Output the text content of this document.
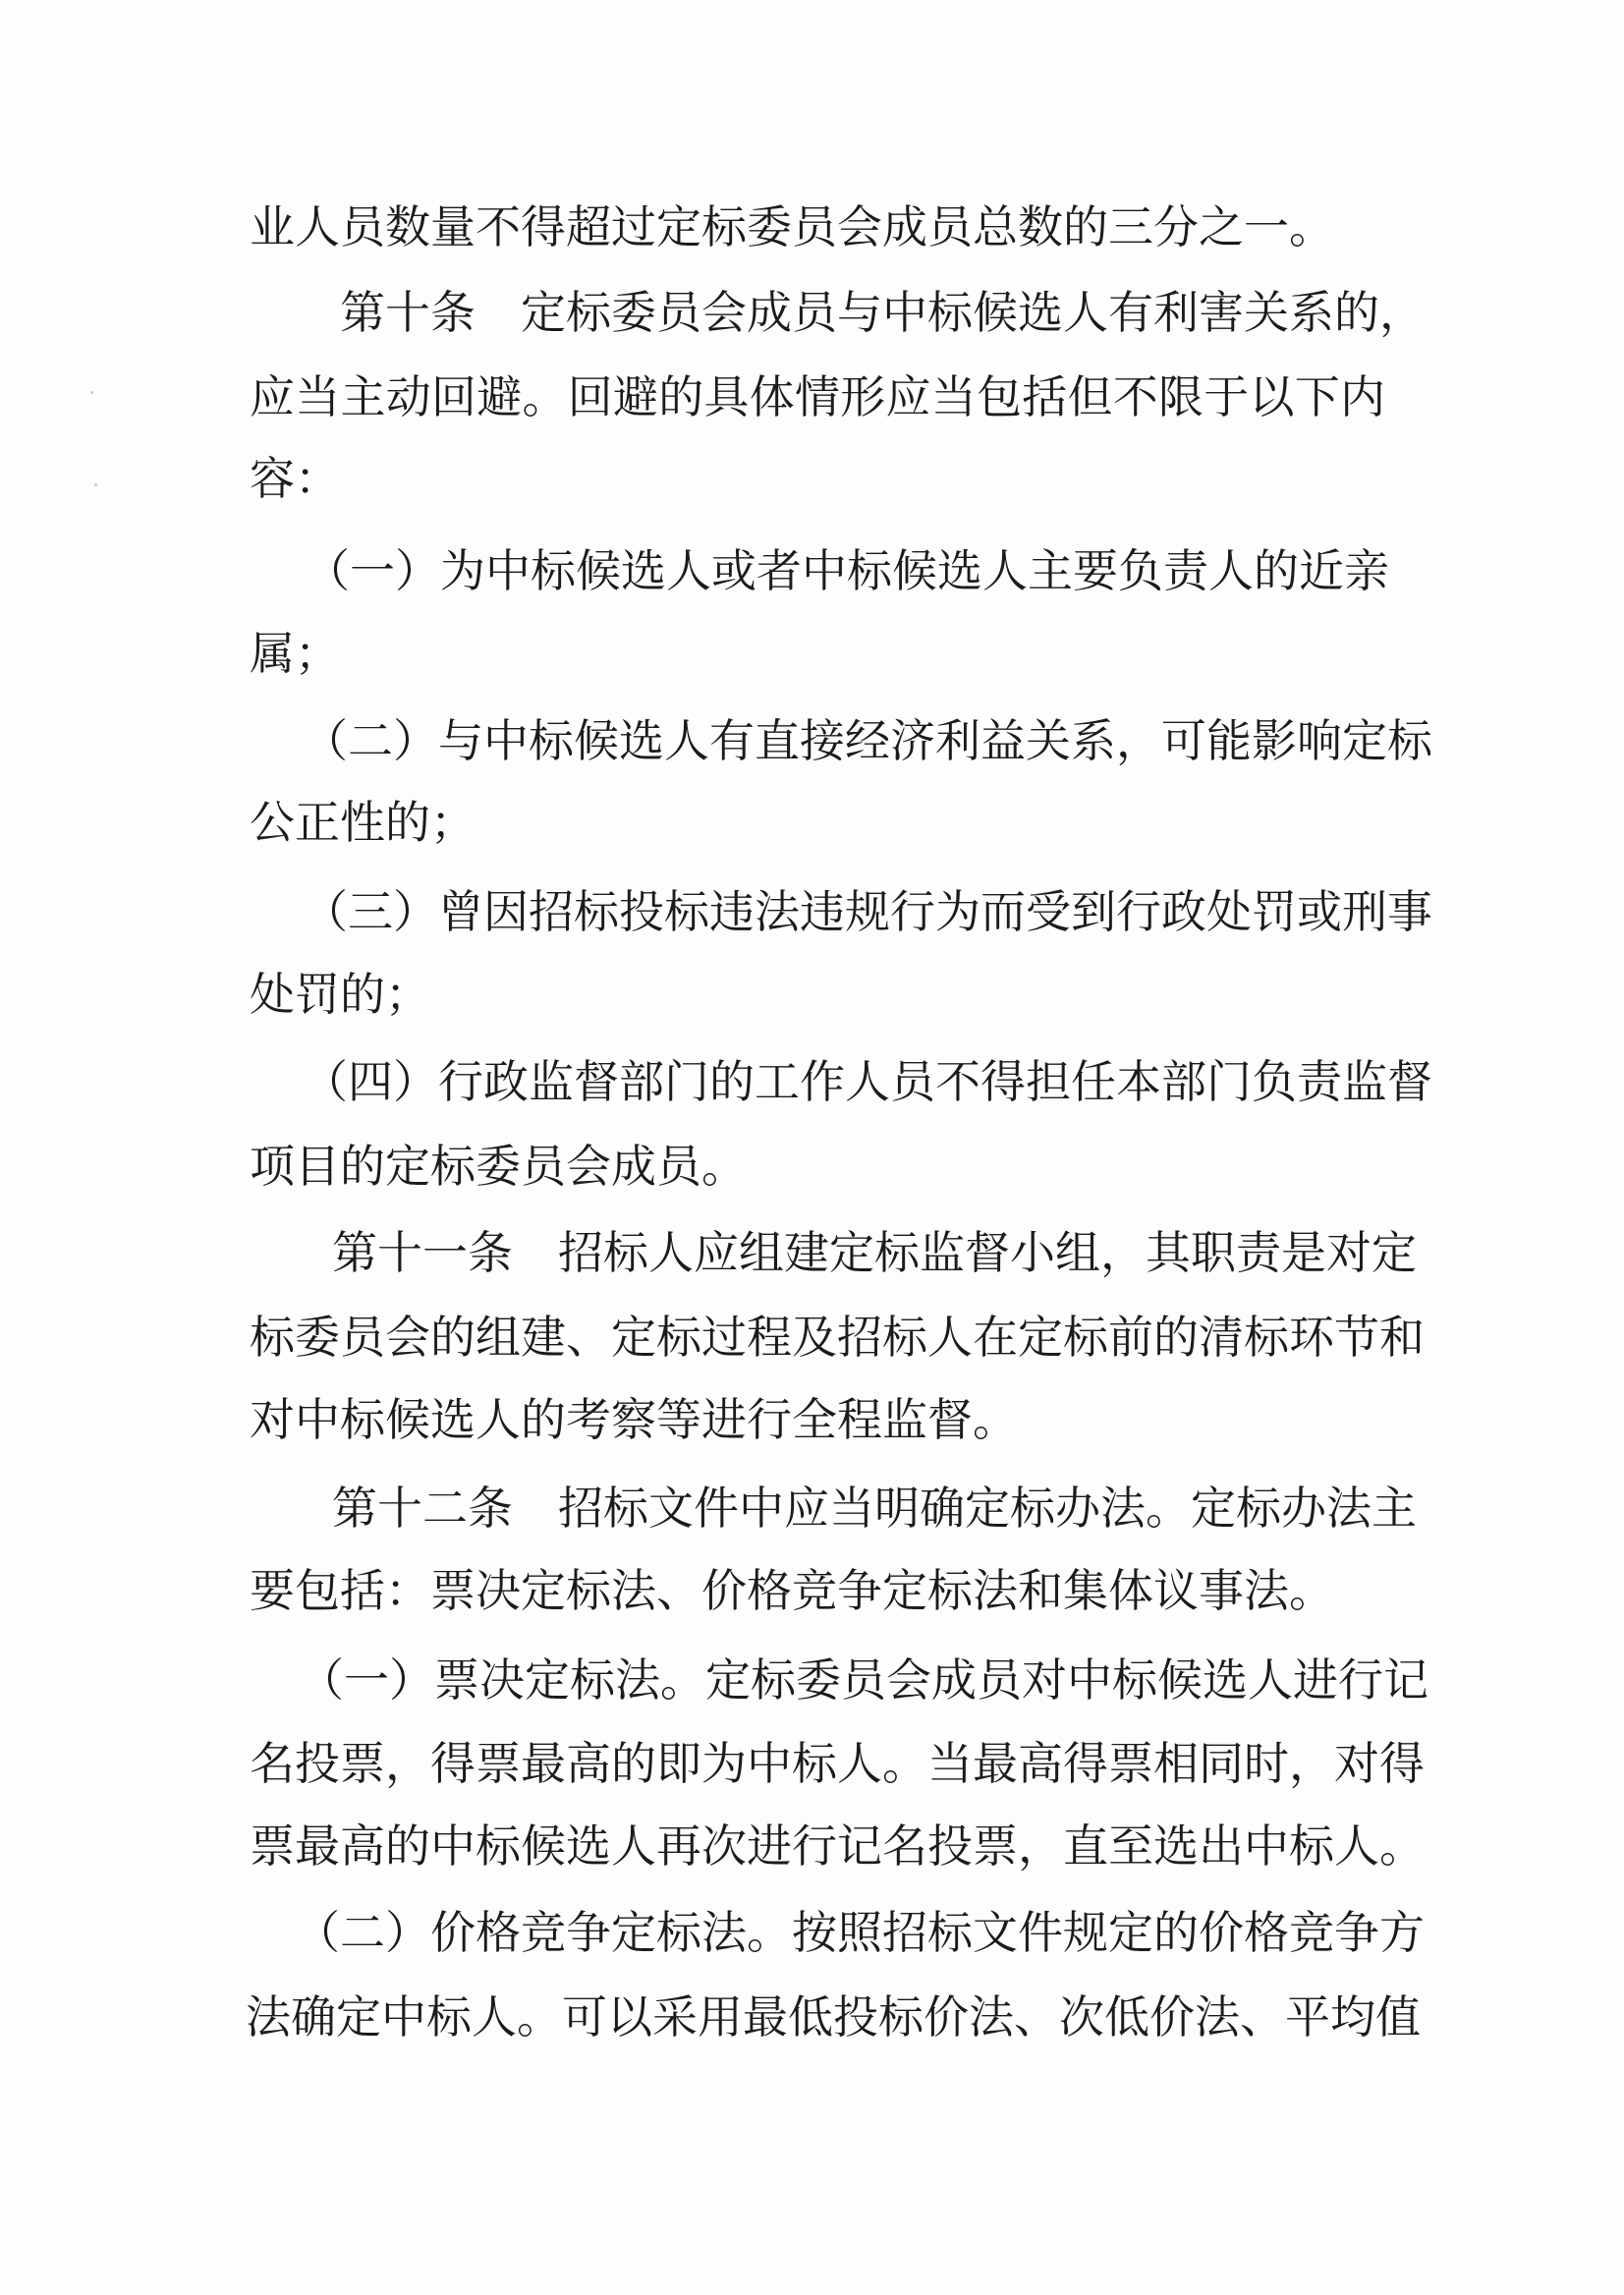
业人员数量不得超过定标委员会成员总数的三分之一。
第十条　定标委员会成员与中标候选人有利害关系的，
应当主动回避。回避的具体情形应当包括但不限于以下内
容：
（一）为中标候选人或者中标候选人主要负责人的近亲
属；
（二）与中标候选人有直接经济利益关系，可能影响定标
公正性的；
（三）曾因招标投标违法违规行为而受到行政处罚或刑事
处罚的；
（四）行政监督部门的工作人员不得担任本部门负责监督
项目的定标委员会成员。
第十一条　招标人应组建定标监督小组，其职责是对定
标委员会的组建、定标过程及招标人在定标前的清标环节和
对中标候选人的考察等进行全程监督。
第十二条　招标文件中应当明确定标办法。定标办法主
要包括：票决定标法、价格竞争定标法和集体议事法。
（一）票决定标法。定标委员会成员对中标候选人进行记
名投票，得票最高的即为中标人。当最高得票相同时，对得
票最高的中标候选人再次进行记名投票，直至选出中标人。
（二）价格竞争定标法。按照招标文件规定的价格竞争方
法确定中标人。可以采用最低投标价法、次低价法、平均值
